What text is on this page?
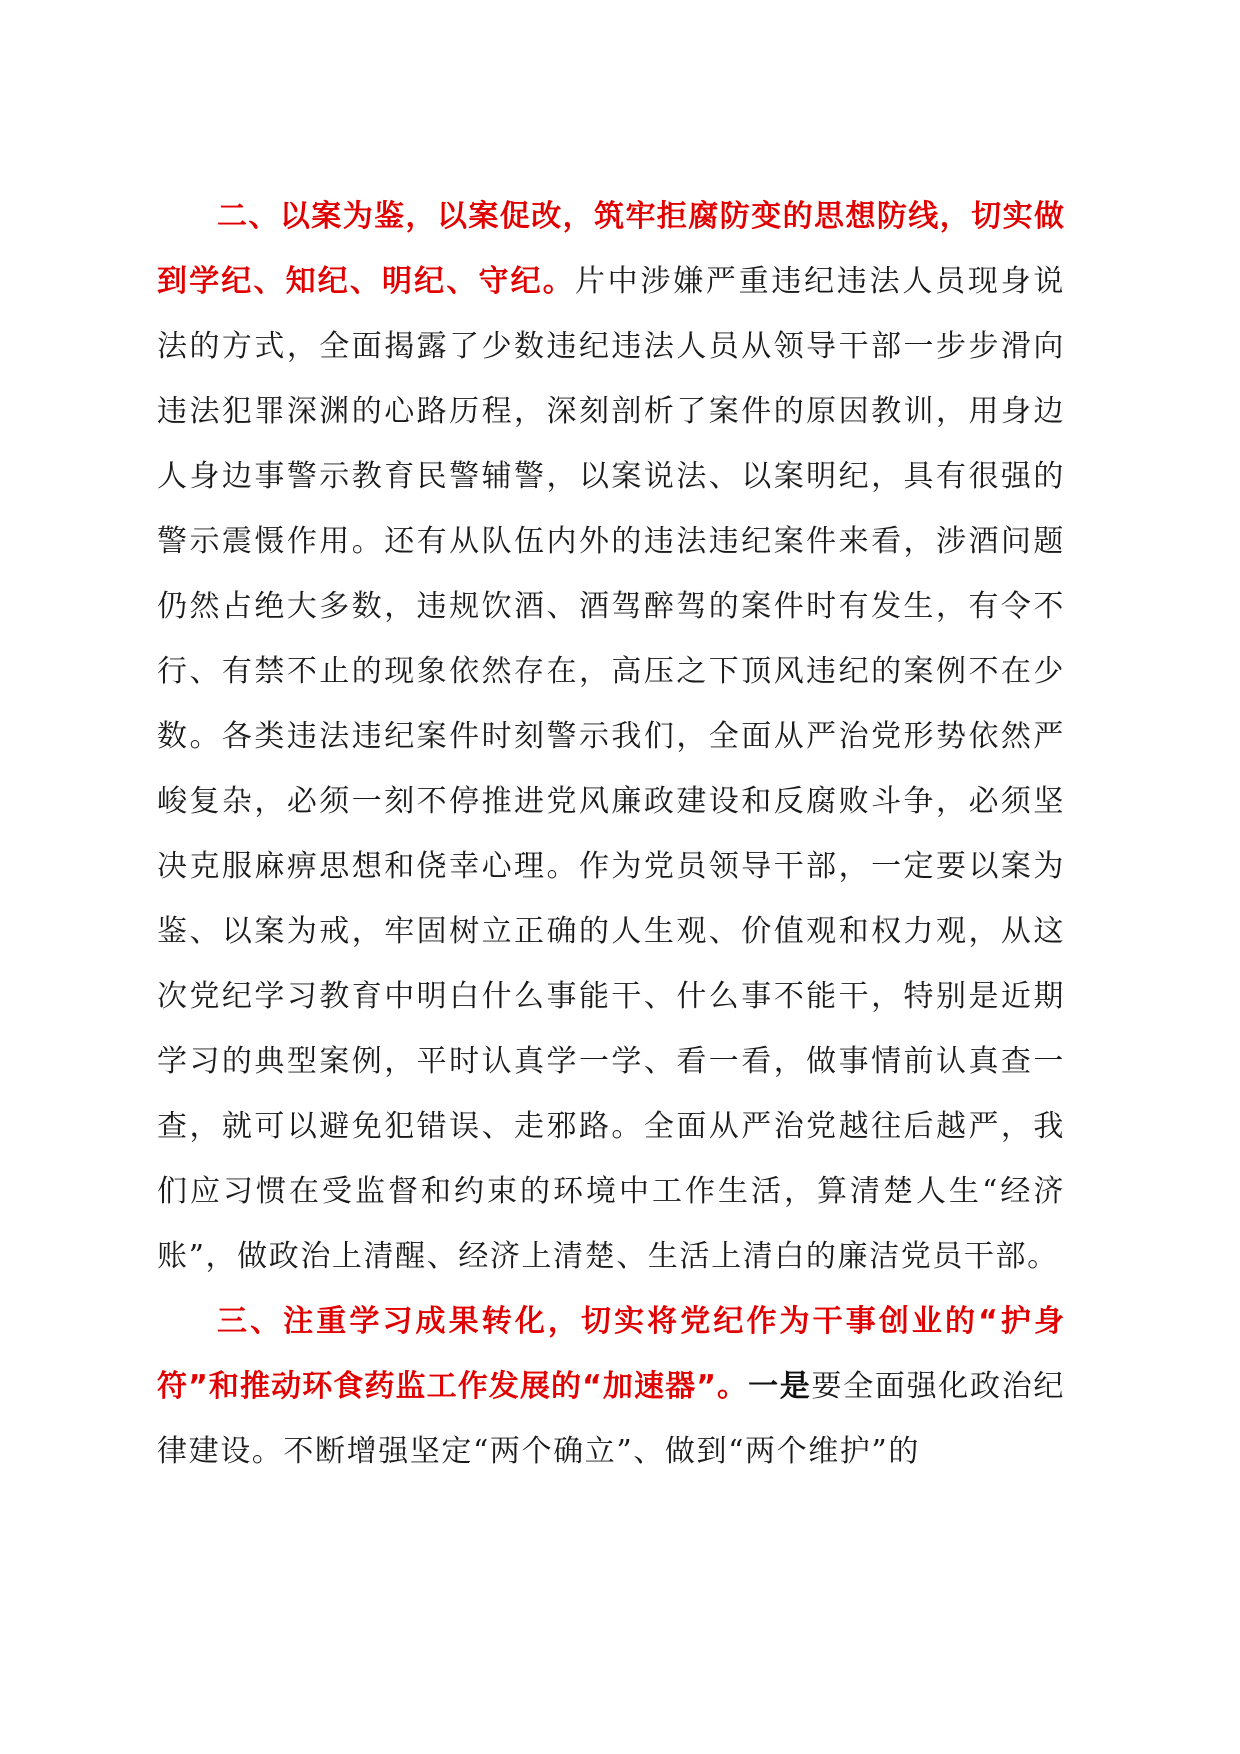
二、以案为鉴，以案促改，筑牢拒腐防变的思想防线，切实做到学纪、知纪、明纪、守纪。片中涉嫌严重违纪违法人员现身说法的方式，全面揭露了少数违纪违法人员从领导干部一步步滑向违法犯罪深渊的心路历程，深刻剖析了案件的原因教训，用身边人身边事警示教育民警辅警，以案说法、以案明纪，具有很强的警示震慑作用。还有从队伍内外的违法违纪案件来看，涉酒问题仍然占绝大多数，违规饮酒、酒驾醉驾的案件时有发生，有令不行、有禁不止的现象依然存在，高压之下顶风违纪的案例不在少数。各类违法违纪案件时刻警示我们，全面从严治党形势依然严峻复杂，必须一刻不停推进党风廉政建设和反腐败斗争，必须坚决克服麻痹思想和侥幸心理。作为党员领导干部，一定要以案为鉴、以案为戒，牢固树立正确的人生观、价值观和权力观，从这次党纪学习教育中明白什么事能干、什么事不能干，特别是近期学习的典型案例，平时认真学一学、看一看，做事情前认真查一查，就可以避免犯错误、走邪路。全面从严治党越往后越严，我们应习惯在受监督和约束的环境中工作生活，算清楚人生“经济账”，做政治上清醒、经济上清楚、生活上清白的廉洁党员干部。

三、注重学习成果转化，切实将党纪作为干事创业的“护身符”和推动环食药监工作发展的“加速器”。一是要全面强化政治纪律建设。不断增强坚定“两个确立”、做到“两个维护”的
